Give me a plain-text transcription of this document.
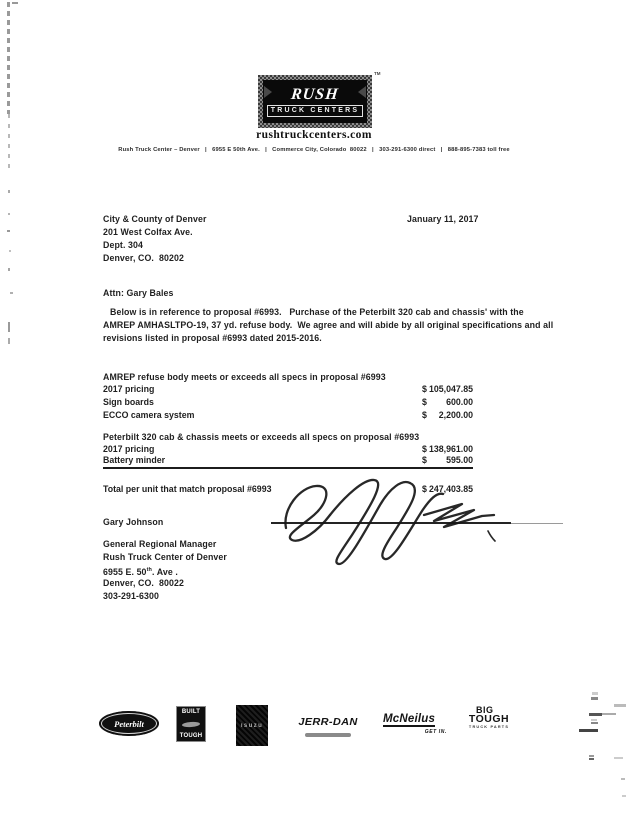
RUSH
TRUCK CENTERS
TM
rushtruckcenters.com
Rush Truck Center – Denver   |   6955 E 50th Ave.   |   Commerce City, Colorado  80022   |   303-291-6300 direct   |   888-895-7383 toll free
January 11, 2017
City & County of Denver
201 West Colfax Ave.
Dept. 304
Denver, CO.  80202
Attn: Gary Bales
Below is in reference to proposal #6993.   Purchase of the Peterbilt 320 cab and chassis' with the
AMREP AMHASLTPO-19, 37 yd. refuse body.  We agree and will abide by all original specifications and all
revisions listed in proposal #6993 dated 2015-2016.
AMREP refuse body meets or exceeds all specs in proposal #6993
2017 pricing	$ 105,047.85
Sign boards	$ 600.00
ECCO camera system	$ 2,200.00
Peterbilt 320 cab & chassis meets or exceeds all specs on proposal #6993
2017 pricing	$ 138,961.00
Battery minder	$ 595.00
Total per unit that match proposal #6993	$ 247,403.85
Gary Johnson
General Regional Manager
Rush Truck Center of Denver
6955 E. 50th. Ave .
Denver, CO.  80022
303-291-6300
Peterbilt
BUILT
TOUGH
isuzu	JERR-DAN	McNeilus
GET IN.
BIG
TOUGH
TRUCK PARTS
